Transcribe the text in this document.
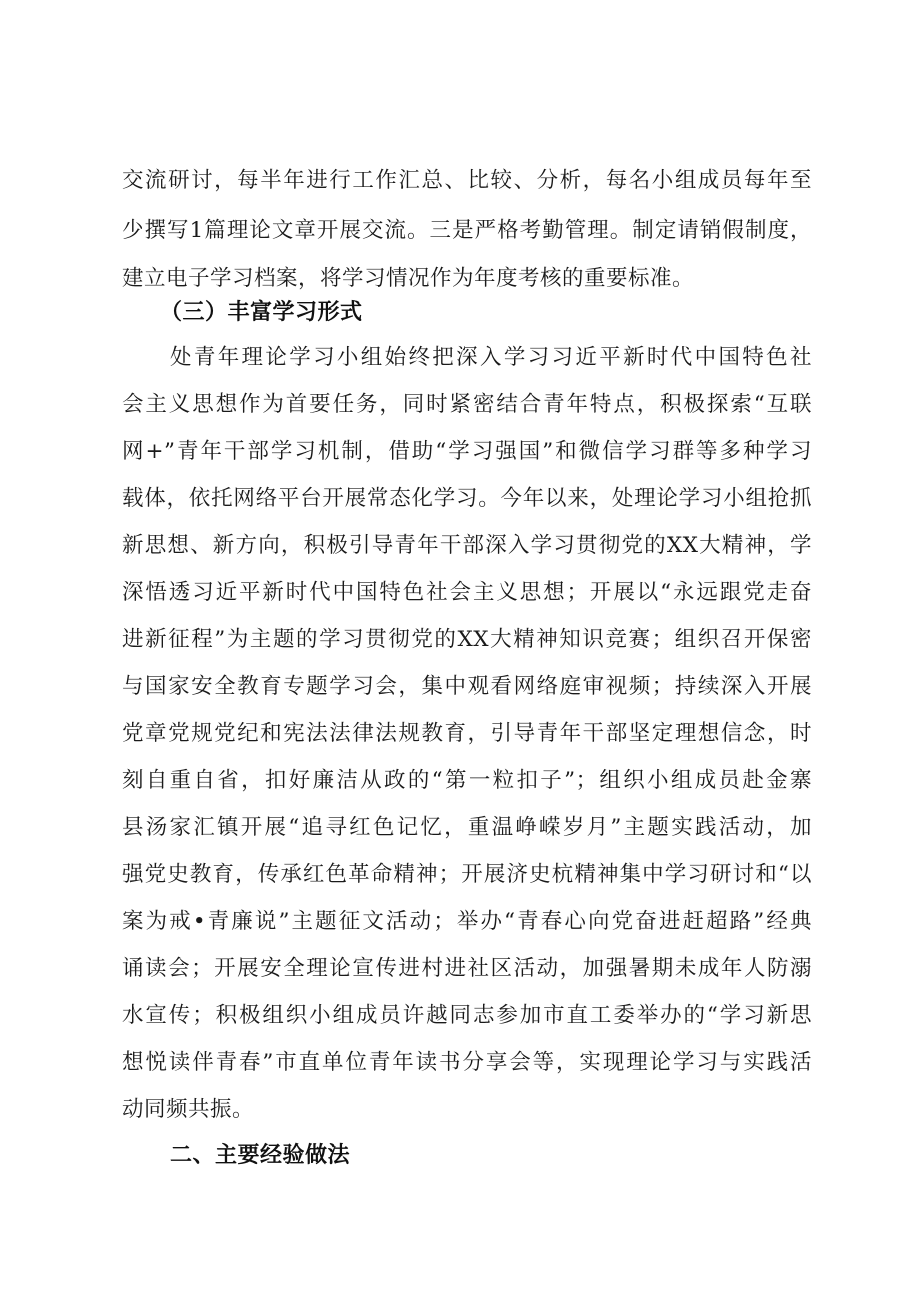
交流研讨，每半年进行工作汇总、比较、分析，每名小组成员每年至
少撰写1篇理论文章开展交流。三是严格考勤管理。制定请销假制度，
建立电子学习档案，将学习情况作为年度考核的重要标准。
（三）丰富学习形式
处青年理论学习小组始终把深入学习习近平新时代中国特色社
会主义思想作为首要任务，同时紧密结合青年特点，积极探索“互联
网+”青年干部学习机制，借助“学习强国”和微信学习群等多种学习
载体，依托网络平台开展常态化学习。今年以来，处理论学习小组抢抓
新思想、新方向，积极引导青年干部深入学习贯彻党的XX大精神，学
深悟透习近平新时代中国特色社会主义思想；开展以“永远跟党走奋
进新征程”为主题的学习贯彻党的XX大精神知识竞赛；组织召开保密
与国家安全教育专题学习会，集中观看网络庭审视频；持续深入开展
党章党规党纪和宪法法律法规教育，引导青年干部坚定理想信念，时
刻自重自省，扣好廉洁从政的“第一粒扣子”；组织小组成员赴金寨
县汤家汇镇开展“追寻红色记忆，重温峥嵘岁月”主题实践活动，加
强党史教育，传承红色革命精神；开展济史杭精神集中学习研讨和“以
案为戒•青廉说”主题征文活动；举办“青春心向党奋进赶超路”经典
诵读会；开展安全理论宣传进村进社区活动，加强暑期未成年人防溺
水宣传；积极组织小组成员许越同志参加市直工委举办的“学习新思
想悦读伴青春”市直单位青年读书分享会等，实现理论学习与实践活
动同频共振。
二、主要经验做法
